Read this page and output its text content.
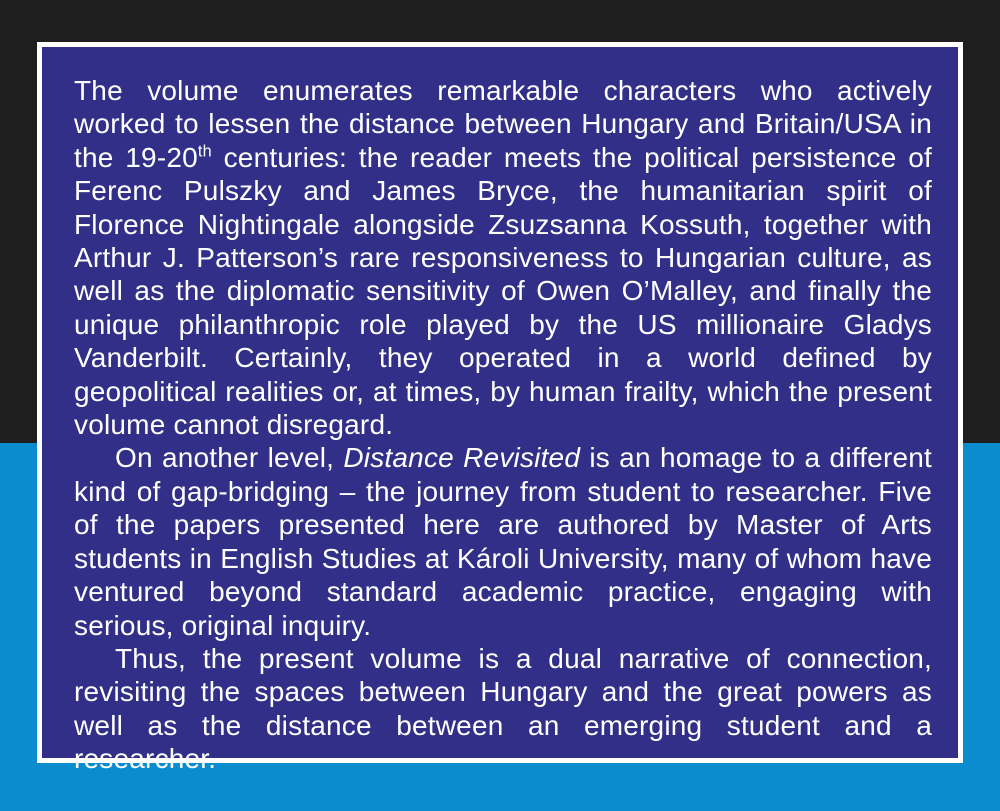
The volume enumerates remarkable characters who actively worked to lessen the distance between Hungary and Britain/USA in the 19-20th centuries: the reader meets the political persistence of Ferenc Pulszky and James Bryce, the humanitarian spirit of Florence Nightingale alongside Zsuzsanna Kossuth, together with Arthur J. Patterson’s rare responsiveness to Hungarian culture, as well as the diplomatic sensitivity of Owen O’Malley, and finally the unique philanthropic role played by the US millionaire Gladys Vanderbilt. Certainly, they operated in a world defined by geopolitical realities or, at times, by human frailty, which the present volume cannot disregard.

On another level, Distance Revisited is an homage to a different kind of gap-bridging – the journey from student to researcher. Five of the papers presented here are authored by Master of Arts students in English Studies at Károli University, many of whom have ventured beyond standard academic practice, engaging with serious, original inquiry.

Thus, the present volume is a dual narrative of connection, revisiting the spaces between Hungary and the great powers as well as the distance between an emerging student and a researcher.
